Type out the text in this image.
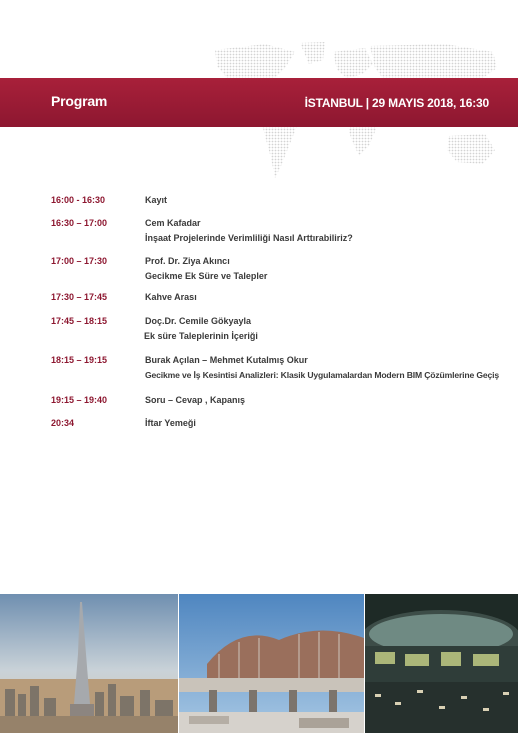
Program	İSTANBUL | 29 MAYIS 2018, 16:30
16:00 - 16:30	Kayıt
16:30 – 17:00	Cem Kafadar
İnşaat Projelerinde Verimliliği Nasıl Arttırabiliriz?
17:00 – 17:30	Prof. Dr. Ziya Akıncı
Gecikme Ek Süre ve Talepler
17:30 – 17:45	Kahve Arası
17:45 – 18:15	Doç.Dr. Cemile Gökyayla
Ek süre Taleplerinin İçeriği
18:15 – 19:15	Burak Açılan – Mehmet Kutalmış Okur
Gecikme ve İş Kesintisi Analizleri: Klasik Uygulamalardan Modern BIM Çözümlerine Geçiş
19:15 – 19:40	Soru – Cevap , Kapanış
20:34	İftar Yemeği
